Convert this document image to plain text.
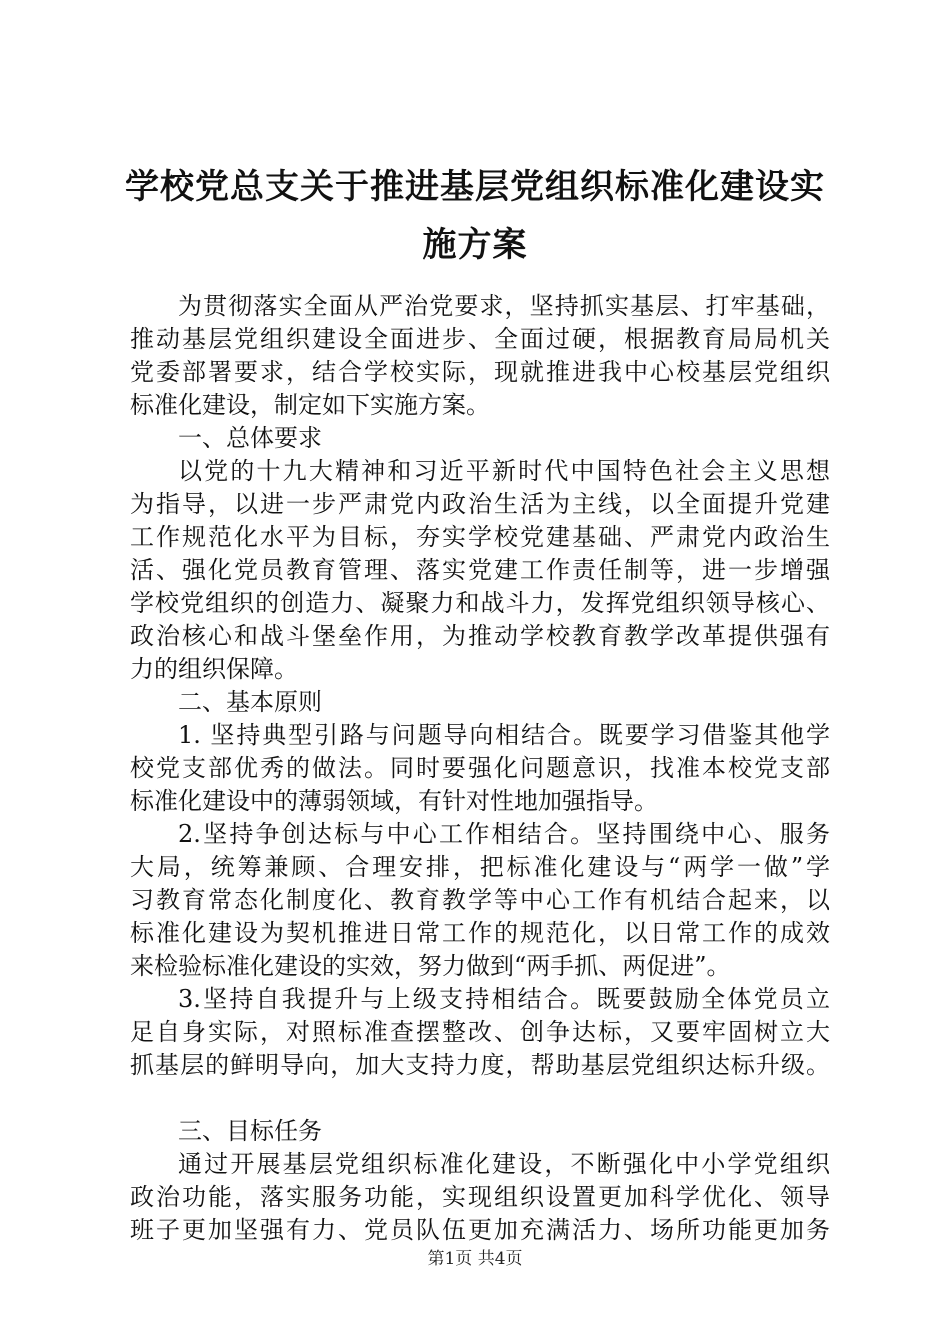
学校党总支关于推进基层党组织标准化建设实
施方案
为贯彻落实全面从严治党要求，坚持抓实基层、打牢基础，
推动基层党组织建设全面进步、全面过硬，根据教育局局机关
党委部署要求，结合学校实际，现就推进我中心校基层党组织
标准化建设，制定如下实施方案。
一、总体要求
以党的十九大精神和习近平新时代中国特色社会主义思想
为指导，以进一步严肃党内政治生活为主线，以全面提升党建
工作规范化水平为目标，夯实学校党建基础、严肃党内政治生
活、强化党员教育管理、落实党建工作责任制等，进一步增强
学校党组织的创造力、凝聚力和战斗力，发挥党组织领导核心、
政治核心和战斗堡垒作用，为推动学校教育教学改革提供强有
力的组织保障。
二、基本原则
1. 坚持典型引路与问题导向相结合。既要学习借鉴其他学
校党支部优秀的做法。同时要强化问题意识，找准本校党支部
标准化建设中的薄弱领域，有针对性地加强指导。
2.坚持争创达标与中心工作相结合。坚持围绕中心、服务
大局，统筹兼顾、合理安排，把标准化建设与“两学一做”学
习教育常态化制度化、教育教学等中心工作有机结合起来，以
标准化建设为契机推进日常工作的规范化，以日常工作的成效
来检验标准化建设的实效，努力做到“两手抓、两促进”。
3.坚持自我提升与上级支持相结合。既要鼓励全体党员立
足自身实际，对照标准查摆整改、创争达标，又要牢固树立大
抓基层的鲜明导向，加大支持力度，帮助基层党组织达标升级。
三、目标任务
通过开展基层党组织标准化建设，不断强化中小学党组织
政治功能，落实服务功能，实现组织设置更加科学优化、领导
班子更加坚强有力、党员队伍更加充满活力、场所功能更加务
第1页 共4页
